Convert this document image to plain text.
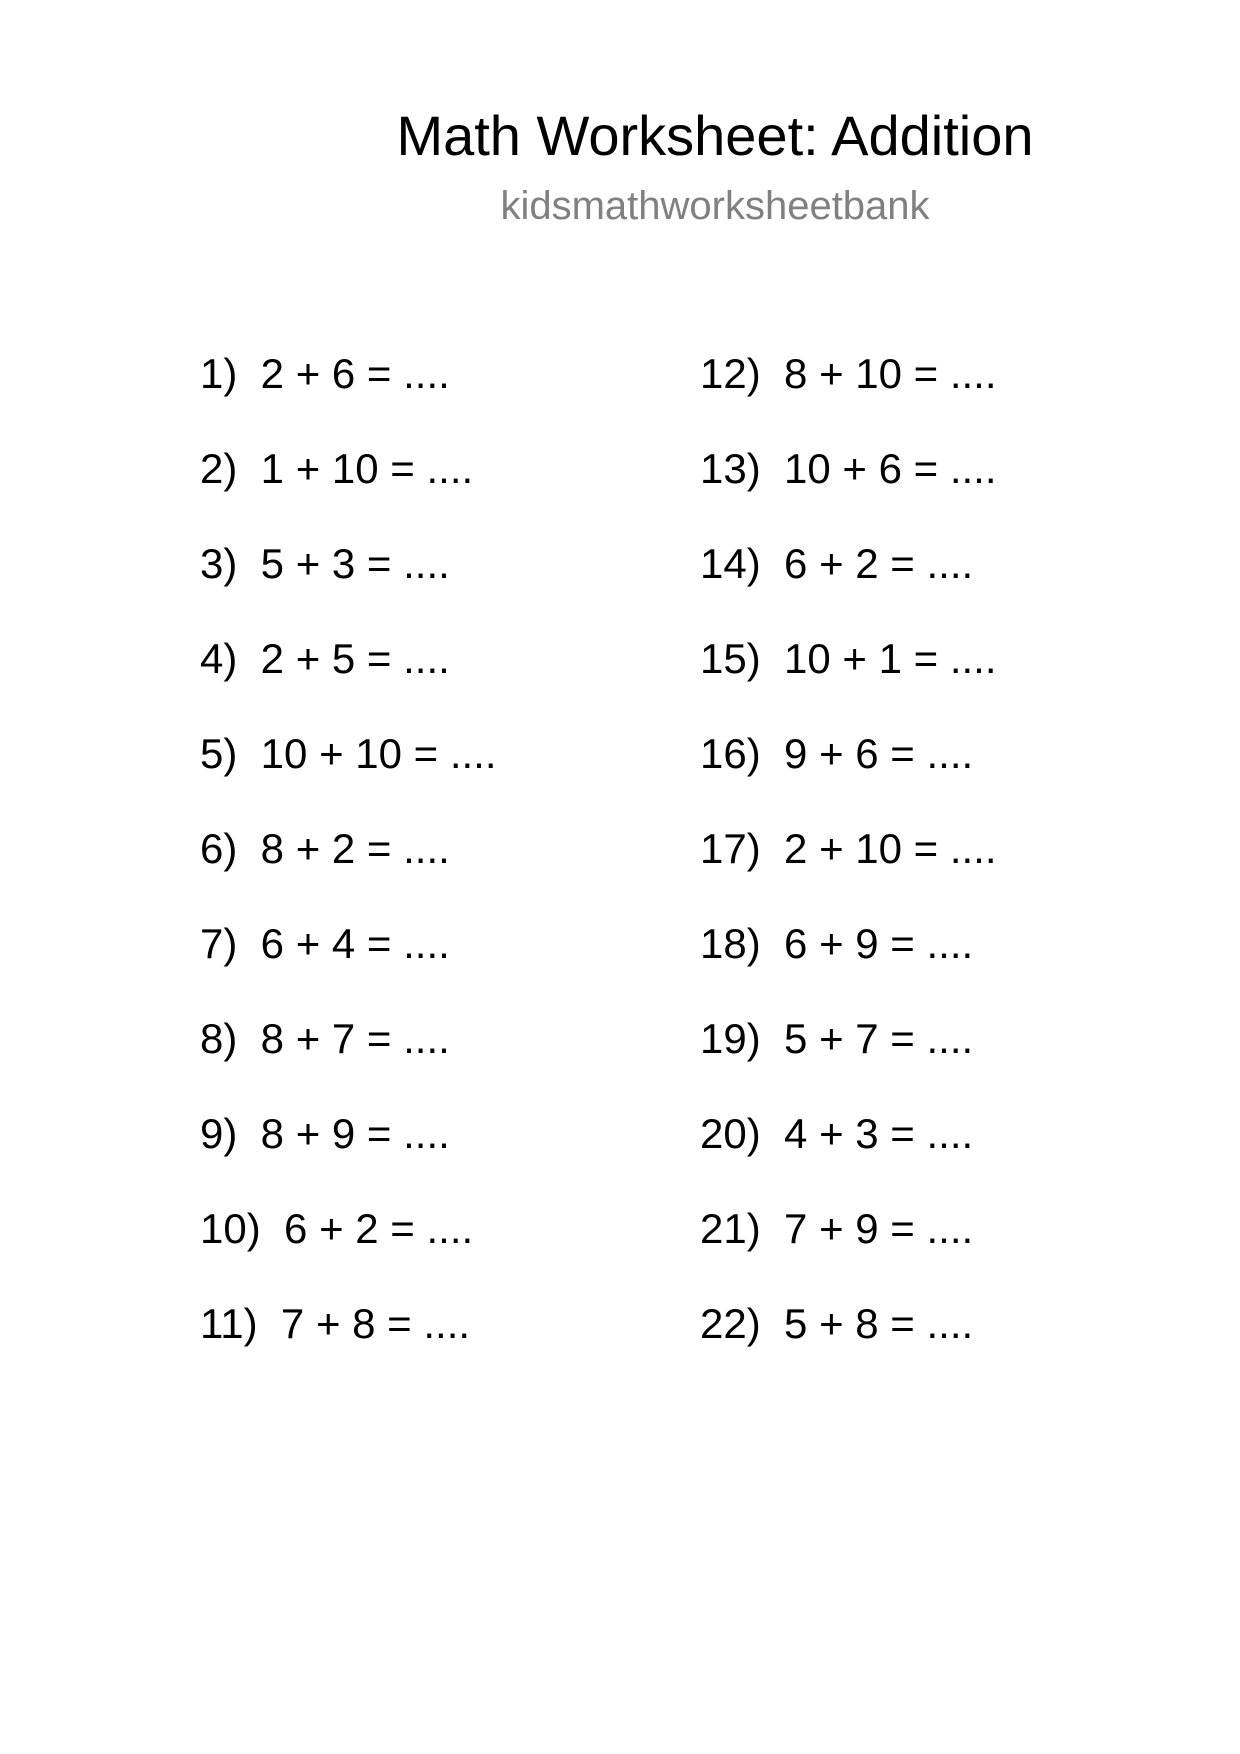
Math Worksheet: Addition
kidsmathworksheetbank
1)  2 + 6 = ....
2)  1 + 10 = ....
3)  5 + 3 = ....
4)  2 + 5 = ....
5)  10 + 10 = ....
6)  8 + 2 = ....
7)  6 + 4 = ....
8)  8 + 7 = ....
9)  8 + 9 = ....
10)  6 + 2 = ....
11)  7 + 8 = ....
12)  8 + 10 = ....
13)  10 + 6 = ....
14)  6 + 2 = ....
15)  10 + 1 = ....
16)  9 + 6 = ....
17)  2 + 10 = ....
18)  6 + 9 = ....
19)  5 + 7 = ....
20)  4 + 3 = ....
21)  7 + 9 = ....
22)  5 + 8 = ....
